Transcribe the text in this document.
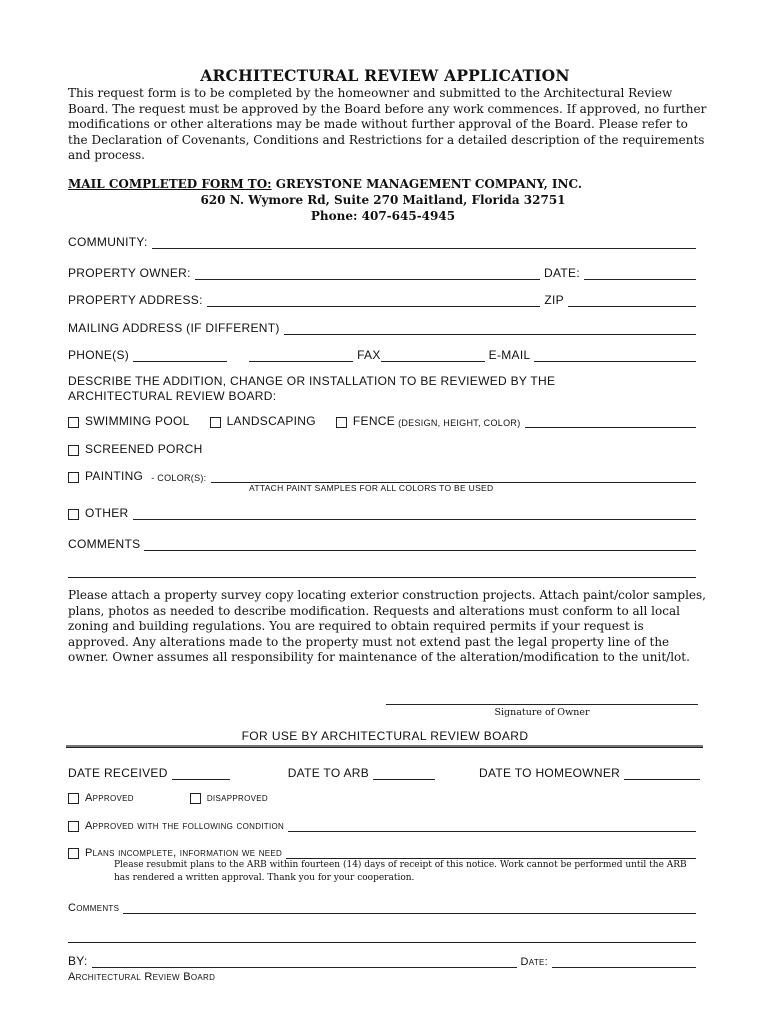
ARCHITECTURAL REVIEW APPLICATION

This request form is to be completed by the homeowner and submitted to the Architectural Review Board. The request must be approved by the Board before any work commences. If approved, no further modifications or other alterations may be made without further approval of the Board. Please refer to the Declaration of Covenants, Conditions and Restrictions for a detailed description of the requirements and process.

MAIL COMPLETED FORM TO: GREYSTONE MANAGEMENT COMPANY, INC.
620 N. Wymore Rd, Suite 270 Maitland, Florida 32751
Phone: 407-645-4945
COMMUNITY:
PROPERTY OWNER:	DATE:
PROPERTY ADDRESS:	ZIP
MAILING ADDRESS (IF DIFFERENT)
PHONE(S)	FAX	E-MAIL
DESCRIBE THE ADDITION, CHANGE OR INSTALLATION TO BE REVIEWED BY THE
ARCHITECTURAL REVIEW BOARD:
SWIMMING POOL	LANDSCAPING	FENCE (DESIGN, HEIGHT, COLOR)
SCREENED PORCH
PAINTING - COLOR(S):
ATTACH PAINT SAMPLES FOR ALL COLORS TO BE USED
OTHER
COMMENTS

Please attach a property survey copy locating exterior construction projects. Attach paint/color samples, plans, photos as needed to describe modification. Requests and alterations must conform to all local zoning and building regulations. You are required to obtain required permits if your request is approved. Any alterations made to the property must not extend past the legal property line of the owner. Owner assumes all responsibility for maintenance of the alteration/modification to the unit/lot.

Signature of Owner
FOR USE BY ARCHITECTURAL REVIEW BOARD
DATE RECEIVED	DATE TO ARB	DATE TO HOMEOWNER
Approved	disapproved
Approved with the following condition
Plans incomplete, information we need

Please resubmit plans to the ARB within fourteen (14) days of receipt of this notice. Work cannot be performed until the ARB has rendered a written approval. Thank you for your cooperation.

Comments
BY:	Date:
Architectural Review Board
